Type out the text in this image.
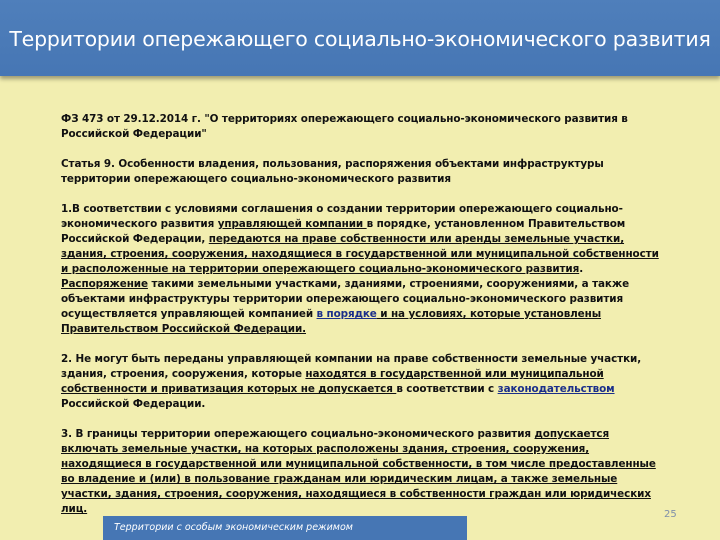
Территории опережающего социально-экономического развития

ФЗ 473 от 29.12.2014 г. "О территориях опережающего социально-экономического развития в Российской Федерации"

Статья 9. Особенности владения, пользования, распоряжения объектами инфраструктуры территории опережающего социально-экономического развития

1.В соответствии с условиями соглашения о создании территории опережающего социально-экономического развития управляющей компании в порядке, установленном Правительством Российской Федерации, передаются на праве собственности или аренды земельные участки, здания, строения, сооружения, находящиеся в государственной или муниципальной собственности и расположенные на территории опережающего социально-экономического развития. Распоряжение такими земельными участками, зданиями, строениями, сооружениями, а также объектами инфраструктуры территории опережающего социально-экономического развития осуществляется управляющей компанией в порядке и на условиях, которые установлены Правительством Российской Федерации.

2. Не могут быть переданы управляющей компании на праве собственности земельные участки, здания, строения, сооружения, которые находятся в государственной или муниципальной собственности и приватизация которых не допускается в соответствии с законодательством Российской Федерации.

3. В границы территории опережающего социально-экономического развития допускается включать земельные участки, на которых расположены здания, строения, сооружения, находящиеся в государственной или муниципальной собственности, в том числе предоставленные во владение и (или) в пользование гражданам или юридическим лицам, а также земельные участки, здания, строения, сооружения, находящиеся в собственности граждан или юридических лиц.	25
Территории с особым экономическим режимом
